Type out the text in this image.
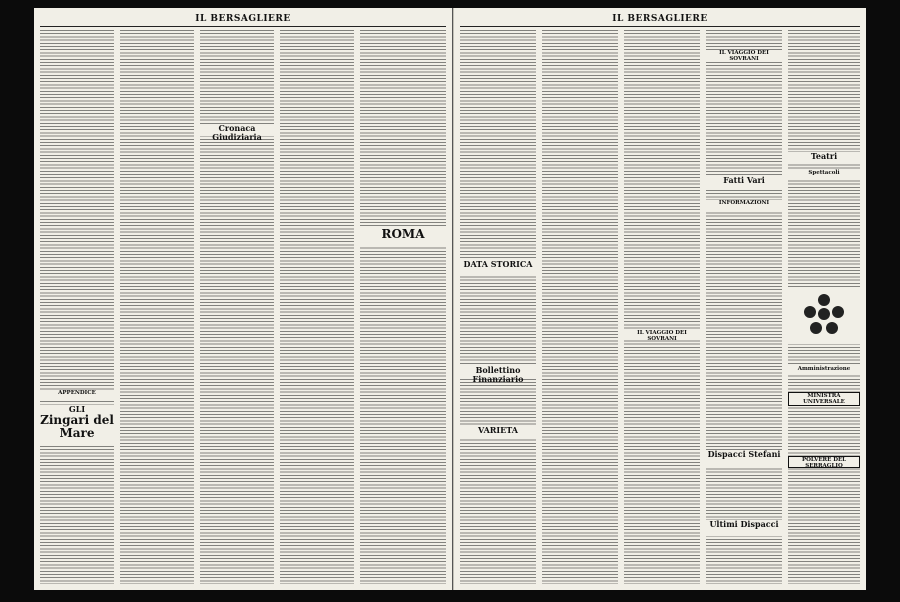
IL BERSAGLIERE
APPENDICE
GLI
Zingari del Mare
Cronaca Giudiziaria
ROMA
IL BERSAGLIERE
DATA STORICA
Bollettino Finanziario
VARIETA
IL VIAGGIO DEI SOVRANI
IL VIAGGIO DEI SOVRANI
Fatti Vari
INFORMAZIONI
Dispacci Stefani
Ultimi Dispacci
Teatri
Spettacoli
Amministrazione
MINISTRA UNIVERSALE
POLVERE DEL SERRAGLIO
